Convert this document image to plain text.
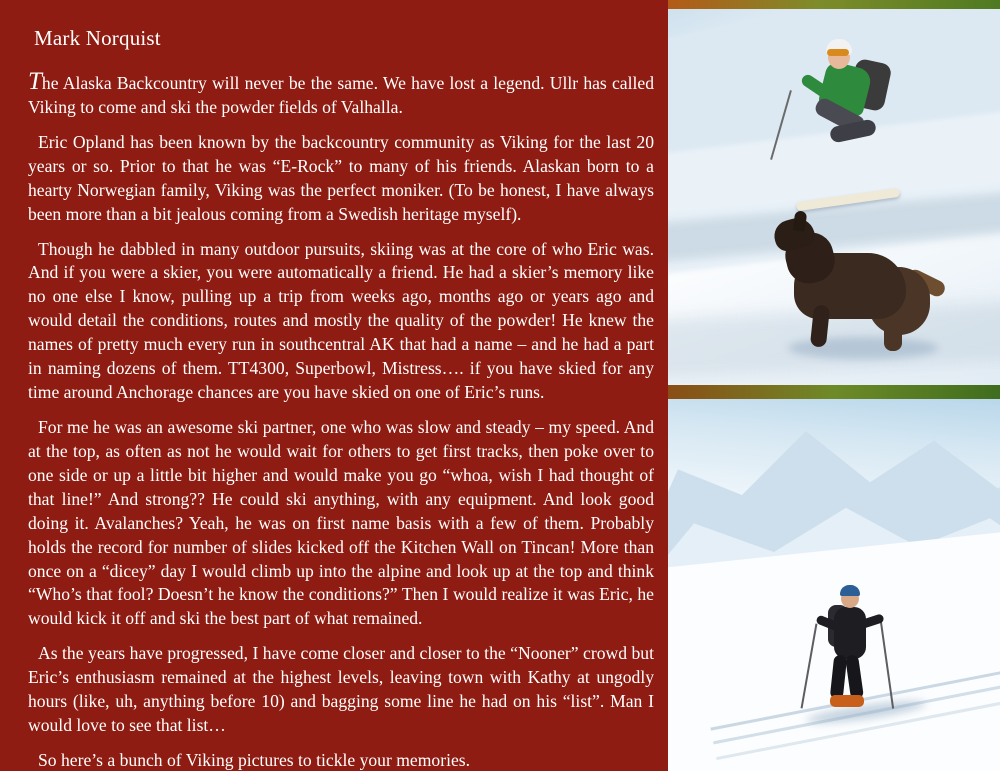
Mark Norquist

The Alaska Backcountry will never be the same. We have lost a legend. Ullr has called Viking to come and ski the powder fields of Valhalla.

Eric Opland has been known by the backcountry community as Viking for the last 20 years or so. Prior to that he was “E-Rock” to many of his friends. Alaskan born to a hearty Norwegian family, Viking was the perfect moniker. (To be honest, I have always been more than a bit jealous coming from a Swedish heritage myself).

Though he dabbled in many outdoor pursuits, skiing was at the core of who Eric was. And if you were a skier, you were automatically a friend. He had a skier’s memory like no one else I know, pulling up a trip from weeks ago, months ago or years ago and would detail the conditions, routes and mostly the quality of the powder! He knew the names of pretty much every run in southcentral AK that had a name – and he had a part in naming dozens of them. TT4300, Superbowl, Mistress…. if you have skied for any time around Anchorage chances are you have skied on one of Eric’s runs.

For me he was an awesome ski partner, one who was slow and steady – my speed. And at the top, as often as not he would wait for others to get first tracks, then poke over to one side or up a little bit higher and would make you go “whoa, wish I had thought of that line!” And strong?? He could ski anything, with any equipment. And look good doing it. Avalanches? Yeah, he was on first name basis with a few of them. Probably holds the record for number of slides kicked off the Kitchen Wall on Tincan! More than once on a “dicey” day I would climb up into the alpine and look up at the top and think “Who’s that fool? Doesn’t he know the conditions?” Then I would realize it was Eric, he would kick it off and ski the best part of what remained.

As the years have progressed, I have come closer and closer to the “Nooner” crowd but Eric’s enthusiasm remained at the highest levels, leaving town with Kathy at ungodly hours (like, uh, anything before 10) and bagging some line he had on his “list”. Man I would love to see that list…

So here’s a bunch of Viking pictures to tickle your memories.
